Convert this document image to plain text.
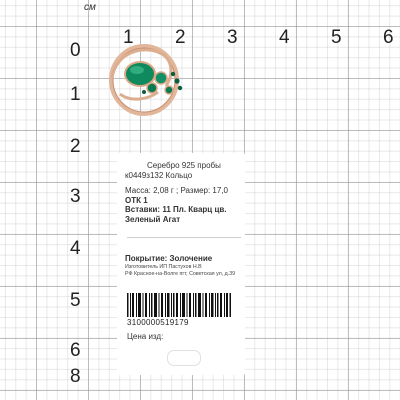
см
0
1 2 3 4 5 6
1
2
3
4
5
6
8
Серебро 925 пробы
к0449з132 Кольцо
Масса: 2,08 г ; Размер: 17,0
ОТК 1
Вставки: 11 Пл. Кварц цв.
Зеленый Агат
Покрытие: Золочение
Изготовитель ИП Пастухов Н.В
РФ Красное-на-Волге пгт, Советская ул, д.39
3100000519179
Цена изд:
